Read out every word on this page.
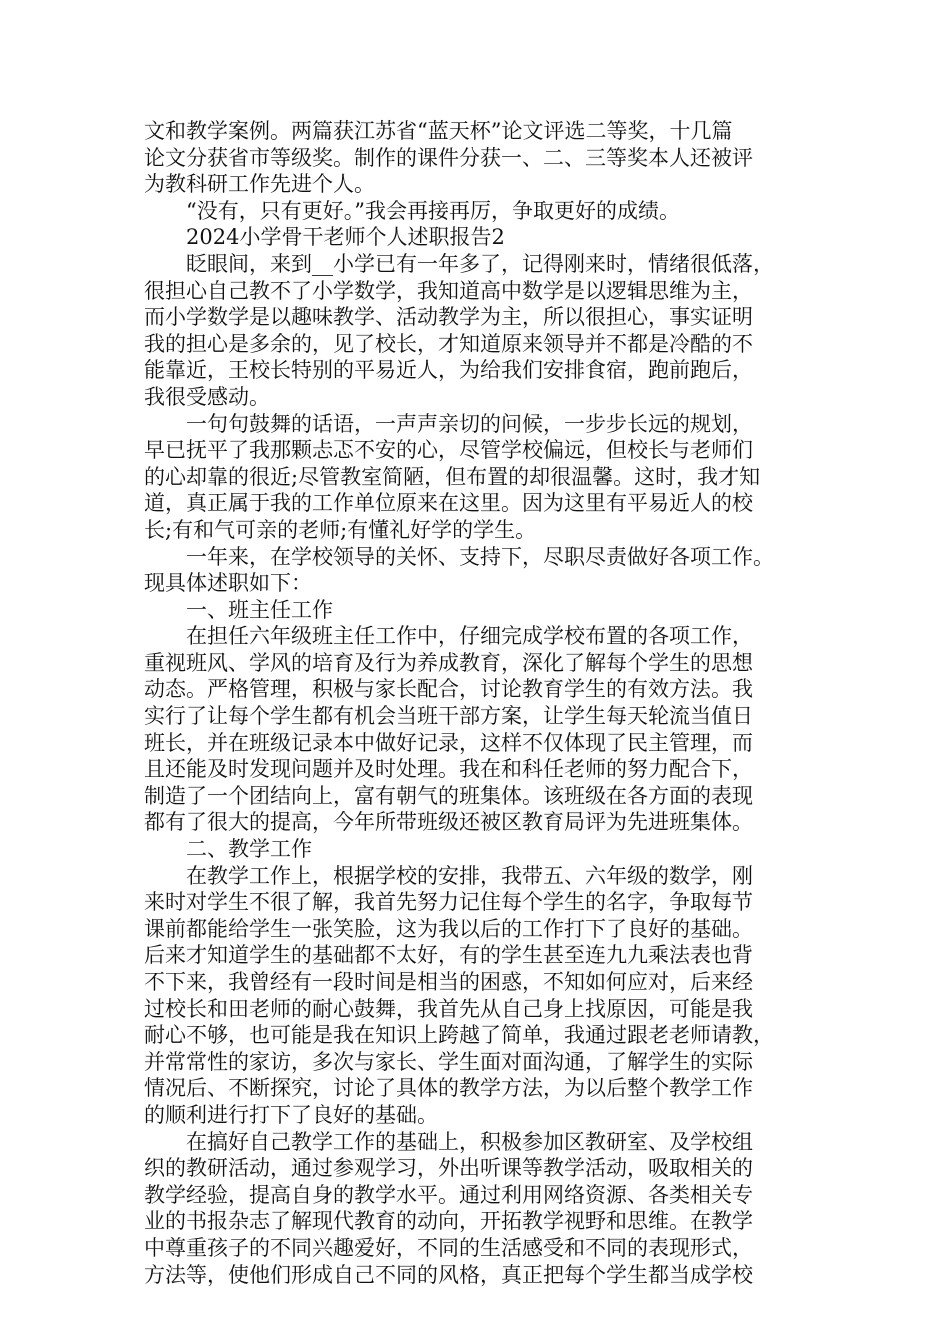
文和教学案例。两篇获江苏省“蓝天杯”论文评选二等奖，十几篇
论文分获省市等级奖。制作的课件分获一、二、三等奖本人还被评
为教科研工作先进个人。

“没有，只有更好。”我会再接再厉，争取更好的成绩。

2024小学骨干老师个人述职报告2

眨眼间，来到__小学已有一年多了，记得刚来时，情绪很低落，
很担心自己教不了小学数学，我知道高中数学是以逻辑思维为主，
而小学数学是以趣味教学、活动教学为主，所以很担心，事实证明
我的担心是多余的，见了校长，才知道原来领导并不都是冷酷的不
能靠近，王校长特别的平易近人，为给我们安排食宿，跑前跑后，
我很受感动。

一句句鼓舞的话语，一声声亲切的问候，一步步长远的规划，
早已抚平了我那颗忐忑不安的心，尽管学校偏远，但校长与老师们
的心却靠的很近;尽管教室简陋，但布置的却很温馨。这时，我才知
道，真正属于我的工作单位原来在这里。因为这里有平易近人的校
长;有和气可亲的老师;有懂礼好学的学生。

一年来，在学校领导的关怀、支持下，尽职尽责做好各项工作。
现具体述职如下：

一、班主任工作

在担任六年级班主任工作中，仔细完成学校布置的各项工作，
重视班风、学风的培育及行为养成教育，深化了解每个学生的思想
动态。严格管理，积极与家长配合，讨论教育学生的有效方法。我
实行了让每个学生都有机会当班干部方案，让学生每天轮流当值日
班长，并在班级记录本中做好记录，这样不仅体现了民主管理，而
且还能及时发现问题并及时处理。我在和科任老师的努力配合下，
制造了一个团结向上，富有朝气的班集体。该班级在各方面的表现
都有了很大的提高，今年所带班级还被区教育局评为先进班集体。

二、教学工作

在教学工作上，根据学校的安排，我带五、六年级的数学，刚
来时对学生不很了解，我首先努力记住每个学生的名字，争取每节
课前都能给学生一张笑脸，这为我以后的工作打下了良好的基础。
后来才知道学生的基础都不太好，有的学生甚至连九九乘法表也背
不下来，我曾经有一段时间是相当的困惑，不知如何应对，后来经
过校长和田老师的耐心鼓舞，我首先从自己身上找原因，可能是我
耐心不够，也可能是我在知识上跨越了简单，我通过跟老老师请教，
并常常性的家访，多次与家长、学生面对面沟通，了解学生的实际
情况后、不断探究，讨论了具体的教学方法，为以后整个教学工作
的顺利进行打下了良好的基础。

在搞好自己教学工作的基础上，积极参加区教研室、及学校组
织的教研活动，通过参观学习，外出听课等教学活动，吸取相关的
教学经验，提高自身的教学水平。通过利用网络资源、各类相关专
业的书报杂志了解现代教育的动向，开拓教学视野和思维。在教学
中尊重孩子的不同兴趣爱好，不同的生活感受和不同的表现形式，
方法等，使他们形成自己不同的风格，真正把每个学生都当成学校
